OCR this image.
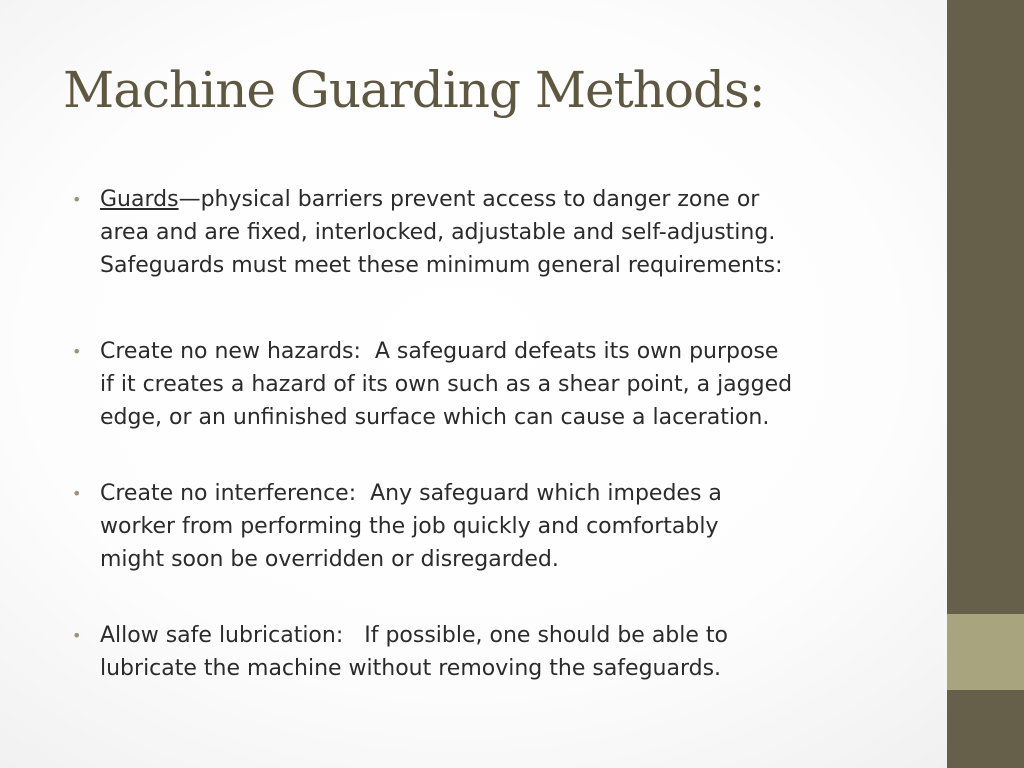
Machine Guarding Methods:
• Guards—physical barriers prevent access to danger zone or
area and are fixed, interlocked, adjustable and self-adjusting.
Safeguards must meet these minimum general requirements:
• Create no new hazards:  A safeguard defeats its own purpose
if it creates a hazard of its own such as a shear point, a jagged
edge, or an unfinished surface which can cause a laceration.
• Create no interference:  Any safeguard which impedes a
worker from performing the job quickly and comfortably
might soon be overridden or disregarded.
• Allow safe lubrication:   If possible, one should be able to
lubricate the machine without removing the safeguards.
